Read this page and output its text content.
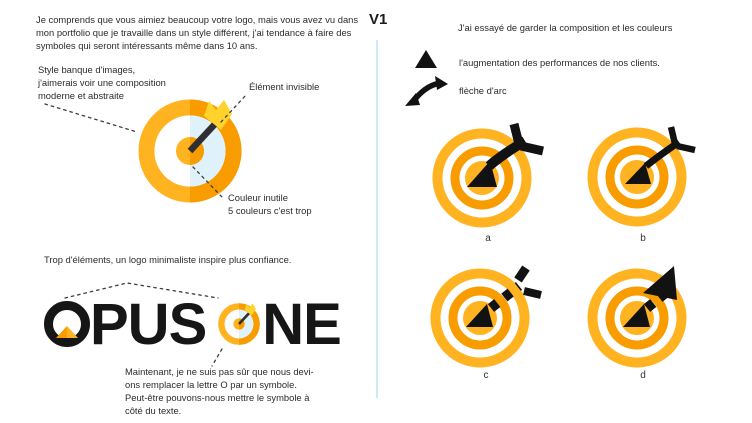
Je comprends que vous aimiez beaucoup votre logo, mais vous avez vu dans
mon portfolio que je travaille dans un style différent, j'ai tendance à faire des
symboles qui seront intéressants même dans 10 ans.
Style banque d'images,
j'aimerais voir une composition
moderne et abstraite
Élément invisible
Couleur inutile
5 couleurs c'est trop
Trop d'éléments, un logo minimaliste inspire plus confiance.
PUS NE
Maintenant, je ne suis pas sûr que nous devi-
ons remplacer la lettre O par un symbole.
Peut-être pouvons-nous mettre le symbole à
côté du texte.
V1	J'ai essayé de garder la composition et les couleurs
l'augmentation des performances de nos clients.
flèche d'arc
a	b
c	d
